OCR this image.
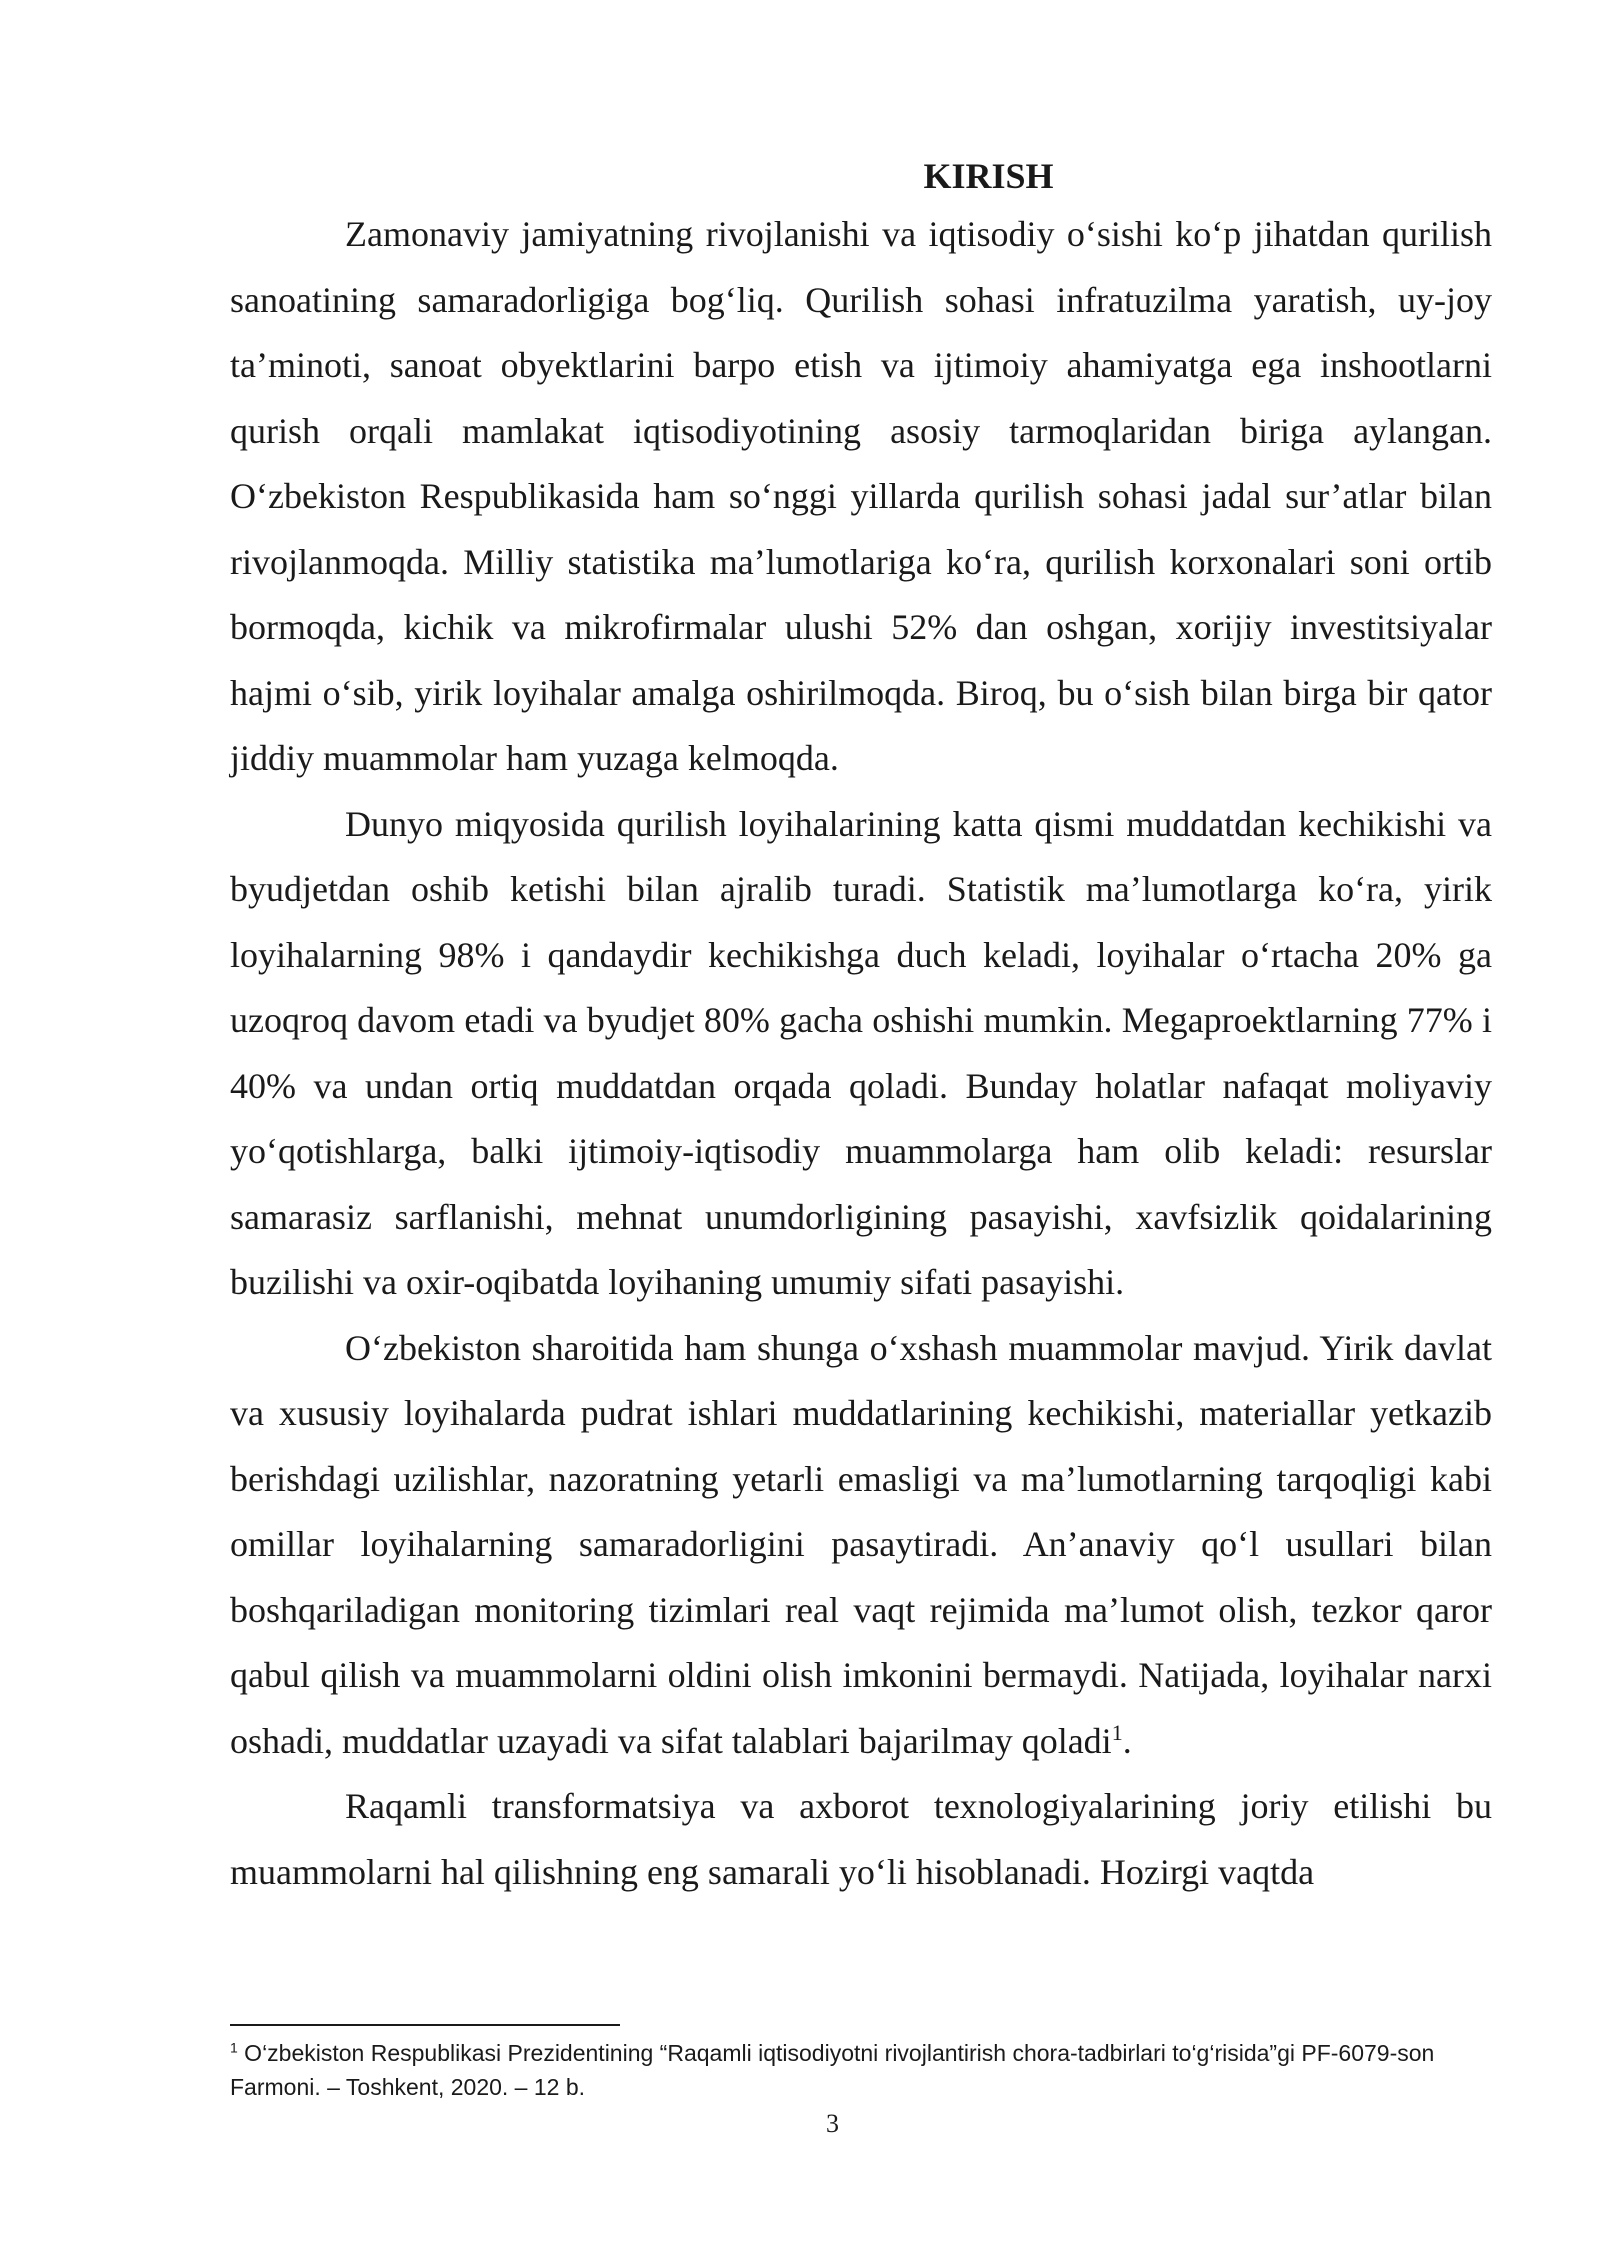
KIRISH

Zamonaviy jamiyatning rivojlanishi va iqtisodiy o‘sishi ko‘p jihatdan qurilish sanoatining samaradorligiga bog‘liq. Qurilish sohasi infratuzilma yaratish, uy-joy ta’minoti, sanoat obyektlarini barpo etish va ijtimoiy ahamiyatga ega inshootlarni qurish orqali mamlakat iqtisodiyotining asosiy tarmoqlaridan biriga aylangan. O‘zbekiston Respublikasida ham so‘nggi yillarda qurilish sohasi jadal sur’atlar bilan rivojlanmoqda. Milliy statistika ma’lumotlariga ko‘ra, qurilish korxonalari soni ortib bormoqda, kichik va mikrofirmalar ulushi 52% dan oshgan, xorijiy investitsiyalar hajmi o‘sib, yirik loyihalar amalga oshirilmoqda. Biroq, bu o‘sish bilan birga bir qator jiddiy muammolar ham yuzaga kelmoqda.

Dunyo miqyosida qurilish loyihalarining katta qismi muddatdan kechikishi va byudjetdan oshib ketishi bilan ajralib turadi. Statistik ma’lumotlarga ko‘ra, yirik loyihalarning 98% i qandaydir kechikishga duch keladi, loyihalar o‘rtacha 20% ga uzoqroq davom etadi va byudjet 80% gacha oshishi mumkin. Megaproektlarning 77% i 40% va undan ortiq muddatdan orqada qoladi. Bunday holatlar nafaqat moliyaviy yo‘qotishlarga, balki ijtimoiy-iqtisodiy muammolarga ham olib keladi: resurslar samarasiz sarflanishi, mehnat unumdorligining pasayishi, xavfsizlik qoidalarining buzilishi va oxir-oqibatda loyihaning umumiy sifati pasayishi.

O‘zbekiston sharoitida ham shunga o‘xshash muammolar mavjud. Yirik davlat va xususiy loyihalarda pudrat ishlari muddatlarining kechikishi, materiallar yetkazib berishdagi uzilishlar, nazoratning yetarli emasligi va ma’lumotlarning tarqoqligi kabi omillar loyihalarning samaradorligini pasaytiradi. An’anaviy qo‘l usullari bilan boshqariladigan monitoring tizimlari real vaqt rejimida ma’lumot olish, tezkor qaror qabul qilish va muammolarni oldini olish imkonini bermaydi. Natijada, loyihalar narxi oshadi, muddatlar uzayadi va sifat talablari bajarilmay qoladi$^1$.

Raqamli transformatsiya va axborot texnologiyalarining joriy etilishi bu muammolarni hal qilishning eng samarali yo‘li hisoblanadi. Hozirgi vaqtda

$^1$ O‘zbekiston Respublikasi Prezidentining “Raqamli iqtisodiyotni rivojlantirish chora-tadbirlari to‘g‘risida”gi PF-6079-son Farmoni. – Toshkent, 2020. – 12 b.
3
